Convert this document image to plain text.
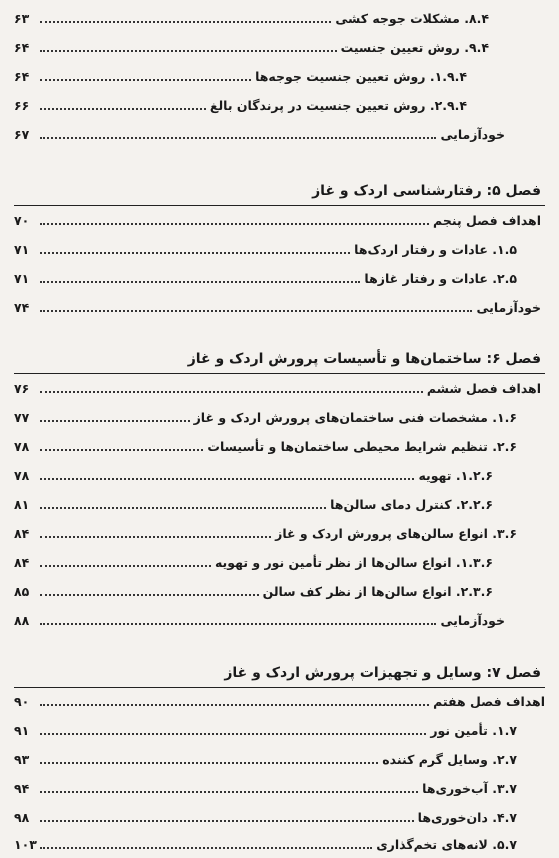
۸.۴. مشکلات جوجه کشی
۶۳
۹.۴. روش تعیین جنسیت
۶۴
۱.۹.۴. روش تعیین جنسیت جوجه‌ها
۶۴
۲.۹.۴. روش تعیین جنسیت در پرندگان بالغ
۶۶
خودآزمایی
۶۷
فصل ۵: رفتارشناسی اردک و غاز
اهداف فصل پنجم
۷۰
۱.۵. عادات و رفتار اردک‌ها
۷۱
۲.۵. عادات و رفتار غازها
۷۱
خودآزمایی
۷۴
فصل ۶: ساختمان‌ها و تأسیسات پرورش اردک و غاز
اهداف فصل ششم
۷۶
۱.۶. مشخصات فنی ساختمان‌های پرورش اردک و غاز
۷۷
۲.۶. تنظیم شرایط محیطی ساختمان‌ها و تأسیسات
۷۸
۱.۲.۶. تهویه
۷۸
۲.۲.۶. کنترل دمای سالن‌ها
۸۱
۳.۶. انواع سالن‌های پرورش اردک و غاز
۸۴
۱.۳.۶. انواع سالن‌ها از نظر تأمین نور و تهویه
۸۴
۲.۳.۶. انواع سالن‌ها از نظر کف سالن
۸۵
خودآزمایی
۸۸
فصل ۷: وسایل و تجهیزات پرورش اردک و غاز
اهداف فصل هفتم
۹۰
۱.۷. تأمین نور
۹۱
۲.۷. وسایل گرم کننده
۹۳
۳.۷. آب‌خوری‌ها
۹۴
۴.۷. دان‌خوری‌ها
۹۸
۵.۷. لانه‌های تخم‌گذاری
۱۰۳
